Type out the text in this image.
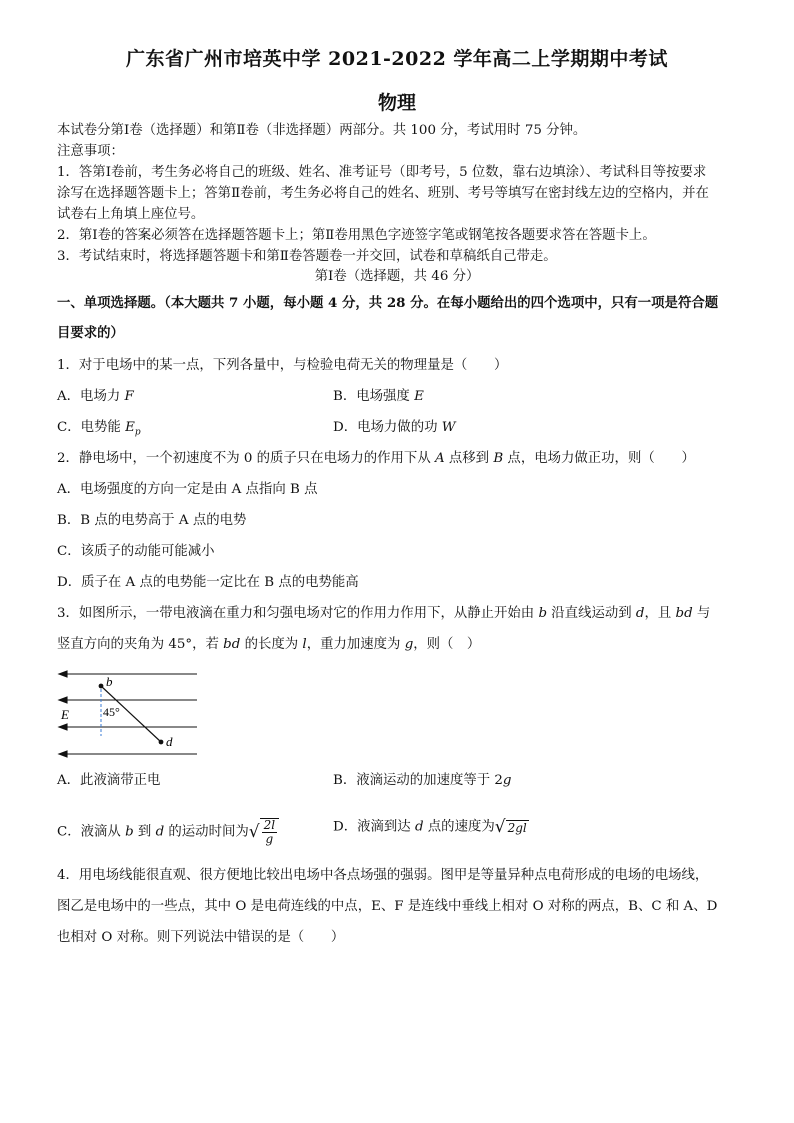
广东省广州市培英中学 2021-2022 学年高二上学期期中考试
物理
本试卷分第Ⅰ卷（选择题）和第Ⅱ卷（非选择题）两部分。共 100 分，考试用时 75 分钟。
注意事项：
1．答第Ⅰ卷前，考生务必将自己的班级、姓名、准考证号（即考号，5 位数，靠右边填涂）、考试科目等按要求
涂写在选择题答题卡上；答第Ⅱ卷前，考生务必将自己的姓名、班别、考号等填写在密封线左边的空格内，并在
试卷右上角填上座位号。
2．第Ⅰ卷的答案必须答在选择题答题卡上；第Ⅱ卷用黑色字迹签字笔或钢笔按各题要求答在答题卡上。
3．考试结束时，将选择题答题卡和第Ⅱ卷答题卷一并交回，试卷和草稿纸自己带走。
第Ⅰ卷（选择题，共 46 分）
一、单项选择题。（本大题共 7 小题，每小题 4 分，共 28 分。在每小题给出的四个选项中，只有一项是符合题
目要求的）
1．对于电场中的某一点，下列各量中，与检验电荷无关的物理量是（　　）
A．电场力 F	B．电场强度 E
C．电势能 $E_p$	D．电场力做的功 W
2．静电场中，一个初速度不为 0 的质子只在电场力的作用下从 A 点移到 B 点，电场力做正功，则（　　）
A．电场强度的方向一定是由 A 点指向 B 点
B．B 点的电势高于 A 点的电势
C．该质子的动能可能减小
D．质子在 A 点的电势能一定比在 B 点的电势能高
3．如图所示，一带电液滴在重力和匀强电场对它的作用力作用下，从静止开始由 b 沿直线运动到 d，且 bd 与
竖直方向的夹角为 45°，若 bd 的长度为 l，重力加速度为 g，则（　）
b
d
E	45°
A．此液滴带正电	B．液滴运动的加速度等于 2g
C．液滴从 b 到 d 的运动时间为√ $\frac{2l}{g}$	D．液滴到达 d 点的速度为√ 2gl
4．用电场线能很直观、很方便地比较出电场中各点场强的强弱。图甲是等量异种点电荷形成的电场的电场线，
图乙是电场中的一些点，其中 O 是电荷连线的中点，E、F 是连线中垂线上相对 O 对称的两点，B、C 和 A、D
也相对 O 对称。则下列说法中错误的是（　　）
